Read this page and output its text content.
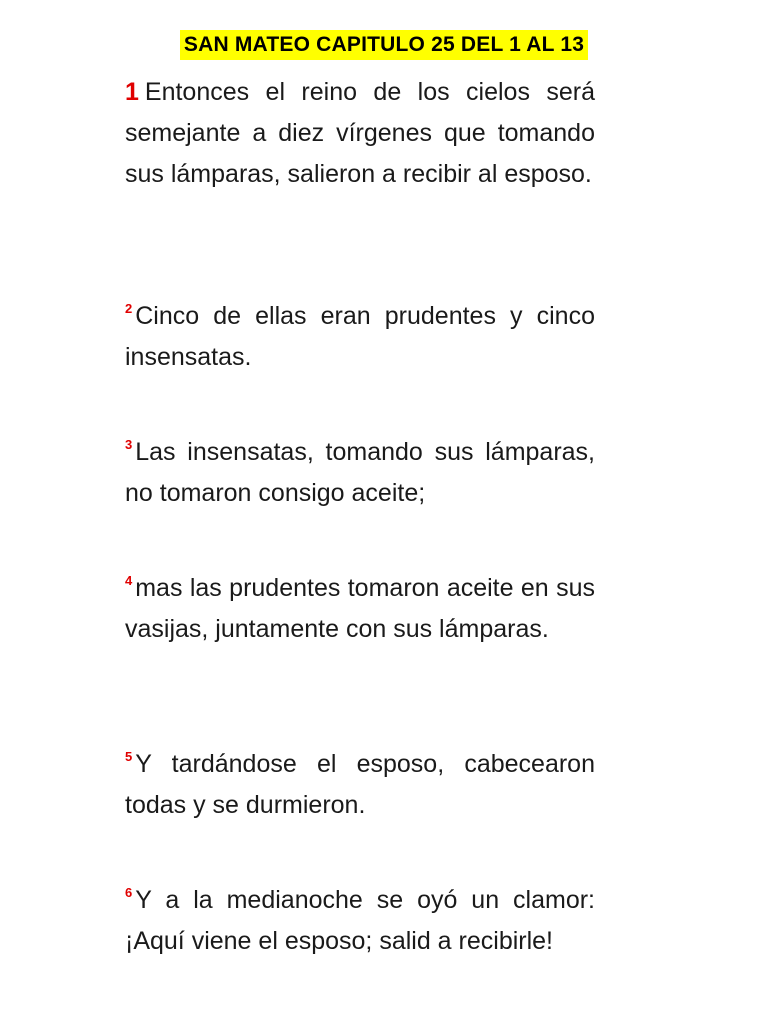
SAN MATEO CAPITULO 25 DEL 1 AL 13

1 Entonces el reino de los cielos será semejante a diez vírgenes que tomando sus lámparas, salieron a recibir al esposo.

$^2$ Cinco de ellas eran prudentes y cinco insensatas.

$^3$ Las insensatas, tomando sus lámparas, no tomaron consigo aceite;

$^4$ mas las prudentes tomaron aceite en sus vasijas, juntamente con sus lámparas.

$^5$ Y tardándose el esposo, cabecearon todas y se durmieron.

$^6$ Y a la medianoche se oyó un clamor: ¡Aquí viene el esposo; salid a recibirle!
